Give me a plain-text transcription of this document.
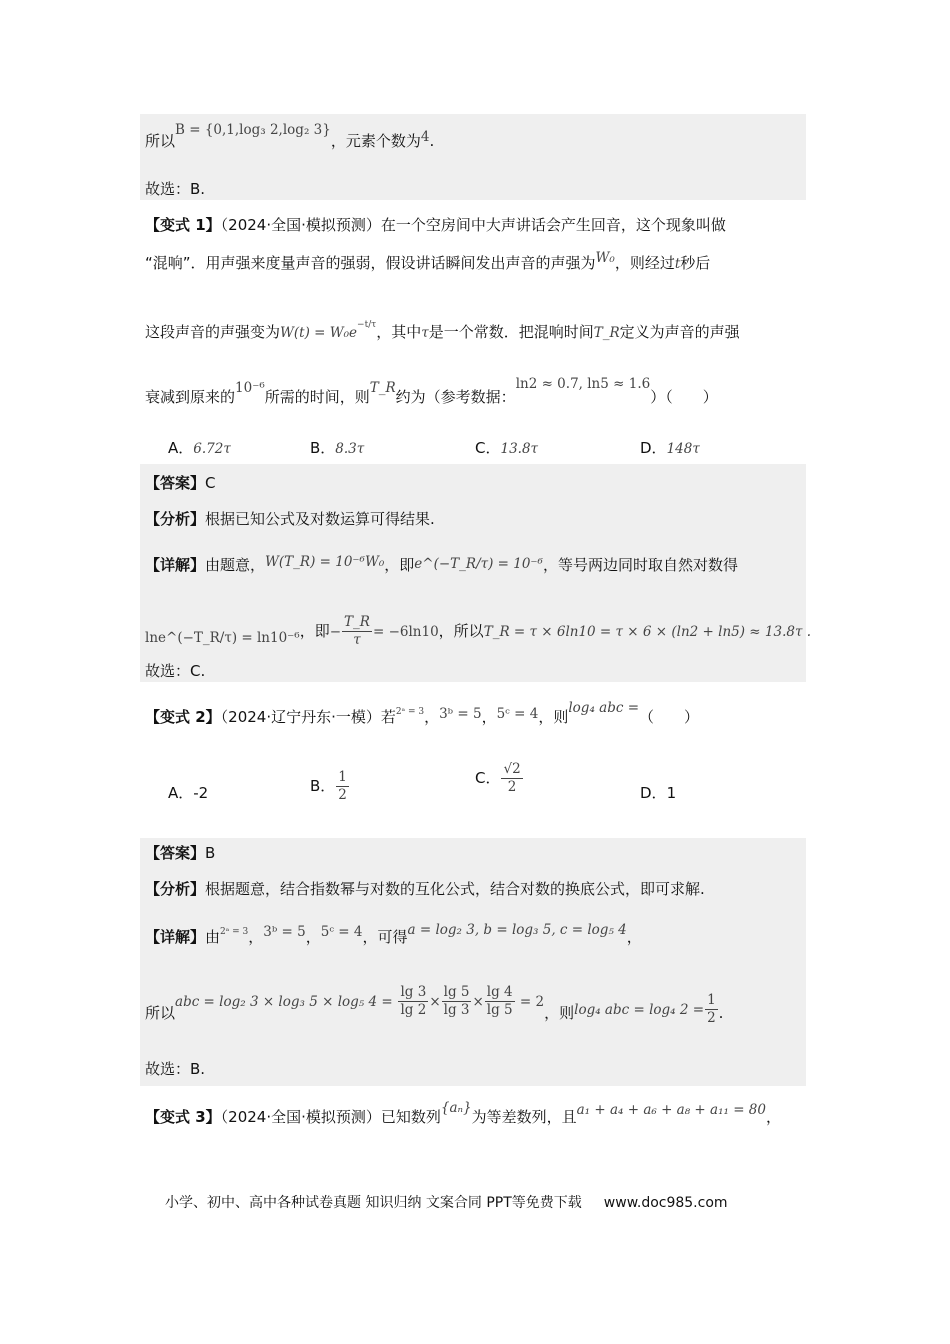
所以B = {0,1,log₃ 2,log₂ 3}，元素个数为4.
故选：B.
【变式 1】（2024·全国·模拟预测）在一个空房间中大声讲话会产生回音，这个现象叫做
“混响”．用声强来度量声音的强弱，假设讲话瞬间发出声音的声强为W₀，则经过t秒后
这段声音的声强变为$W(t) = W_0e^{-t/\tau}$，其中τ是一个常数．把混响时间T_R定义为声音的声强
衰减到原来的10⁻⁶所需的时间，则T_R约为（参考数据：ln2 ≈ 0.7, ln5 ≈ 1.6）（　　）
A．6.72τ	B．8.3τ	C．13.8τ	D．148τ
【答案】C
【分析】根据已知公式及对数运算可得结果.
【详解】由题意，W(T_R) = 10⁻⁶W₀，即e^(−T_R/τ) = 10⁻⁶，等号两边同时取自然对数得
lne^(−T_R/τ) = ln10⁻⁶，即− $\frac{T\_R}{\tau} = -6\ln 10$，所以T_R = τ × 6ln10 = τ × 6 × (ln2 + ln5) ≈ 13.8τ .
故选：C.
【变式 2】（2024·辽宁丹东·一模）若$^{2ᵃ = 3}$，3ᵇ = 5，5ᶜ = 4，则log₄ abc =（　　）
A．-2	B． $\frac{1}{2}$	C． $\frac{√2}{2}$	D．1
【答案】B
【分析】根据题意，结合指数幂与对数的互化公式，结合对数的换底公式，即可求解.
【详解】由$^{2ᵃ = 3}$，3ᵇ = 5，5ᶜ = 4，可得a = log₂ 3, b = log₃ 5, c = log₅ 4，
所以abc = log₂ 3 × log₃ 5 × log₅ $4 = \frac{\lg 3}{\lg 2} \times \frac{\lg 5}{\lg 3} \times \frac{\lg 4}{\lg 5} = 2$，则log₄ abc = log₄ $2 = \frac{1}{2}$ .
故选：B.
【变式 3】（2024·全国·模拟预测）已知数列{aₙ}为等差数列，且a₁ + a₄ + a₆ + a₈ + a₁₁ = 80，
小学、初中、高中各种试卷真题 知识归纳 文案合同 PPT等免费下载 www.doc985.com
